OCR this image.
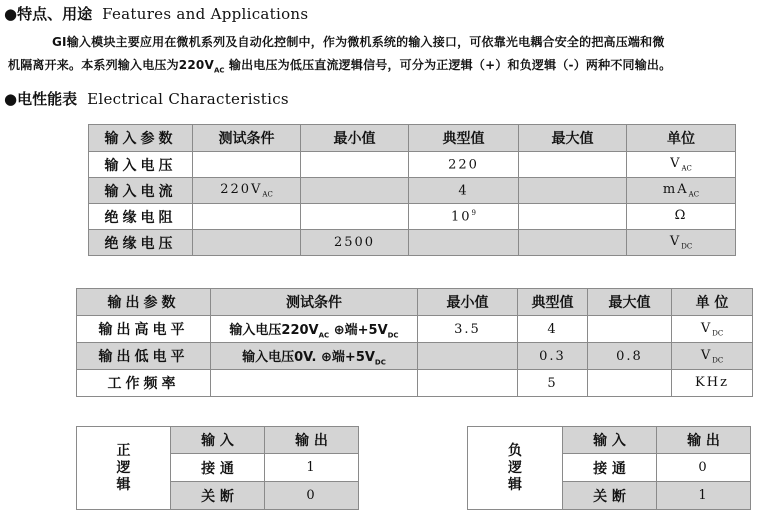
●特点、用途 Features and Applications
GI输入模块主要应用在微机系列及自动化控制中，作为微机系统的输入接口，可依靠光电耦合安全的把高压端和微
机隔离开来。本系列输入电压为$220V_{AC}$ 输出电压为低压直流逻辑信号，可分为正逻辑（+）和负逻辑（-）两种不同输出。
●电性能表 Electrical Characteristics
输入参数	测试条件	最小值	典型值	最大值	单位
输入电压			220		$V_{AC}$
输入电流	$220V_{AC}$		4		$mA_{AC}$
绝缘电阻			$10^9$		Ω
绝缘电压		2500			$V_{DC}$
输出参数	测试条件	最小值	典型值	最大值	单 位
输出高电平	输入电压$220V_{AC}$ ⊕端$+5V_{DC}$	3.5	4		$V_{DC}$
输出低电平	输入电压0V. ⊕端$+5V_{DC}$		0.3	0.8	$V_{DC}$
工作频率			5		KHz
正逻辑	输 入	输 出
	接 通	1
	关 断	0
负逻辑	输 入	输 出
	接 通	0
	关 断	1
